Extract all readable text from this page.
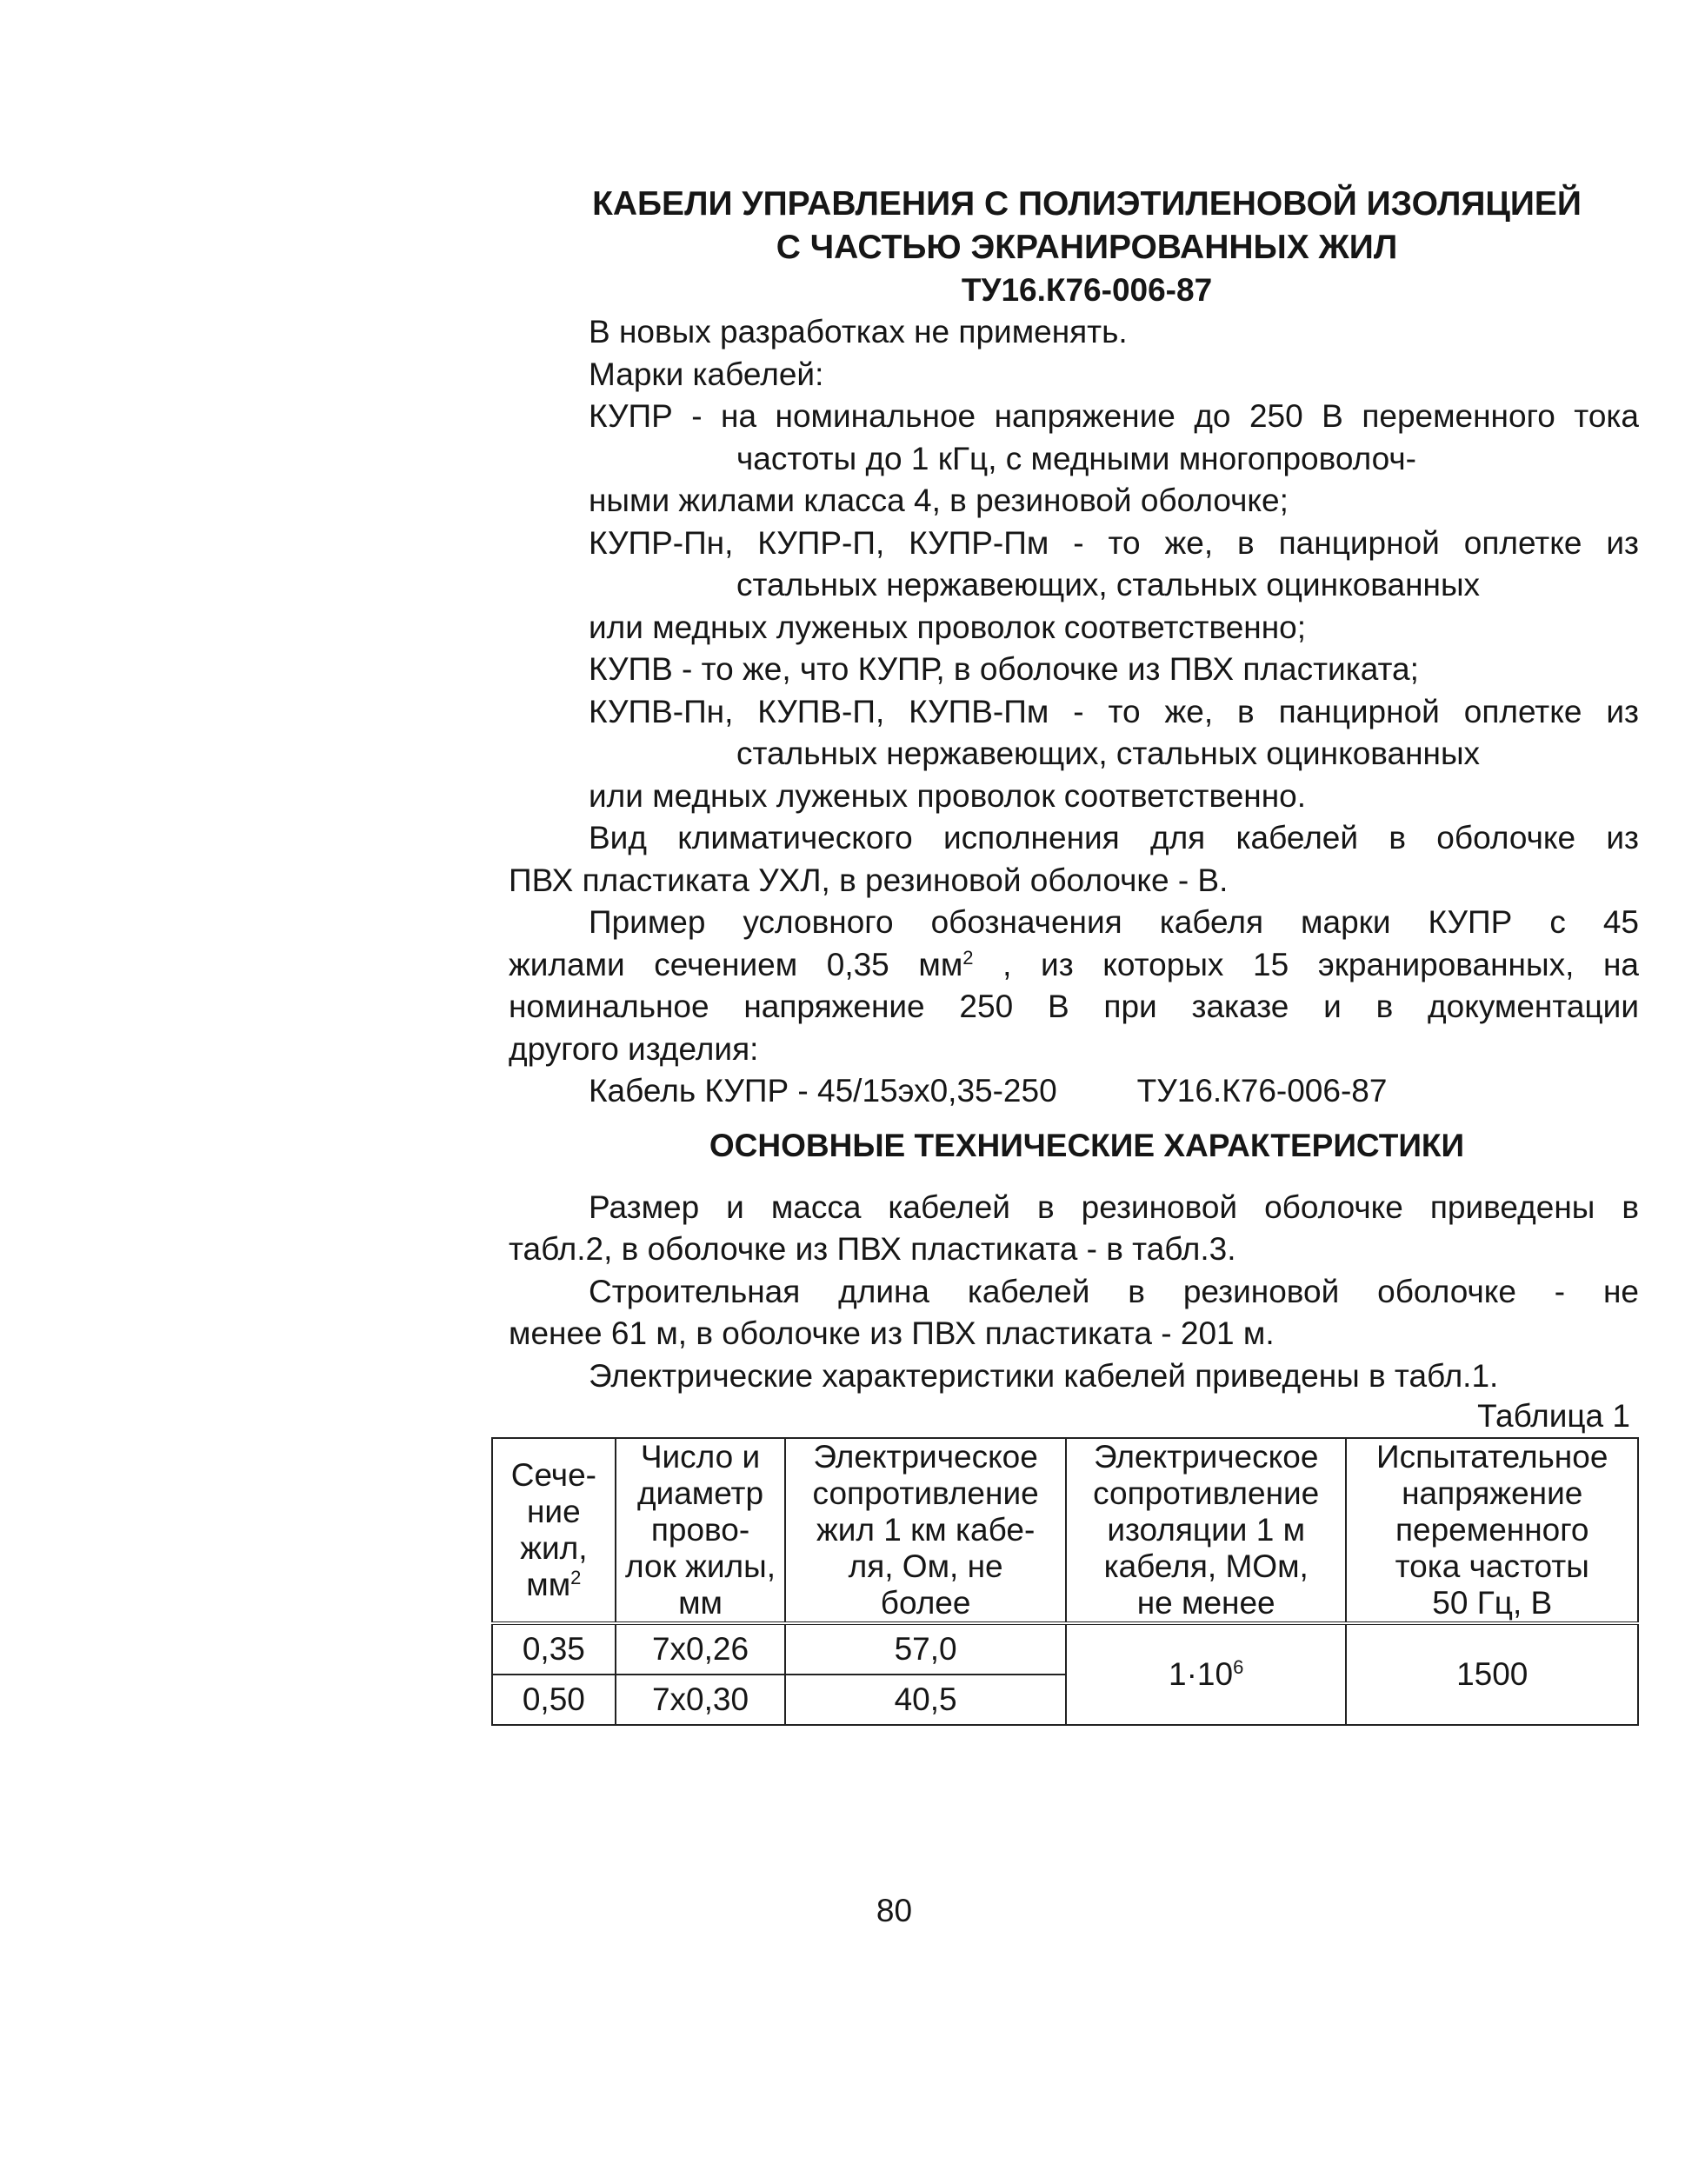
КАБЕЛИ УПРАВЛЕНИЯ С ПОЛИЭТИЛЕНОВОЙ ИЗОЛЯЦИЕЙ
С ЧАСТЬЮ ЭКРАНИРОВАННЫХ ЖИЛ
ТУ16.К76-006-87
В новых разработках не применять.
Марки кабелей:
КУПР - на номинальное напряжение до 250 В переменного тока частоты до 1 кГц, с медными многопроволоч-
ными жилами класса 4, в резиновой оболочке;
КУПР-Пн, КУПР-П, КУПР-Пм - то же, в панцирной оплетке из стальных нержавеющих, стальных оцинкованных
или медных луженых проволок соответственно;
КУПВ - то же, что КУПР, в оболочке из ПВХ пластиката;
КУПВ-Пн, КУПВ-П, КУПВ-Пм - то же, в панцирной оплетке из стальных нержавеющих, стальных оцинкованных
или медных луженых проволок соответственно.
Вид климатического исполнения для кабелей в оболочке из
ПВХ пластиката УХЛ, в резиновой оболочке - В.
Пример условного обозначения кабеля марки КУПР с 45
жилами сечением 0,35 $мм^2$ , из которых 15 экранированных, на
номинальное напряжение 250 В при заказе и в документации
другого изделия:
Кабель КУПР - 45/15эх0,35-250 ТУ16.К76-006-87
ОСНОВНЫЕ ТЕХНИЧЕСКИЕ ХАРАКТЕРИСТИКИ
Размер и масса кабелей в резиновой оболочке приведены в
табл.2, в оболочке из ПВХ пластиката - в табл.3.
Строительная длина кабелей в резиновой оболочке - не
менее 61 м, в оболочке из ПВХ пластиката - 201 м.
Электрические характеристики кабелей приведены в табл.1.
Таблица 1
Сече-
ние
жил,
$мм^2$	Число и
диаметр
прово-
лок жилы,
мм	Электрическое
сопротивление
жил 1 км кабе-
ля, Ом, не
более	Электрическое
сопротивление
изоляции 1 м
кабеля, МОм,
не менее	Испытательное
напряжение
переменного
тока частоты
50 Гц, В
0,35	7х0,26	57,0	$1\cdot 10^6$	1500
0,50	7х0,30	40,5		
80
